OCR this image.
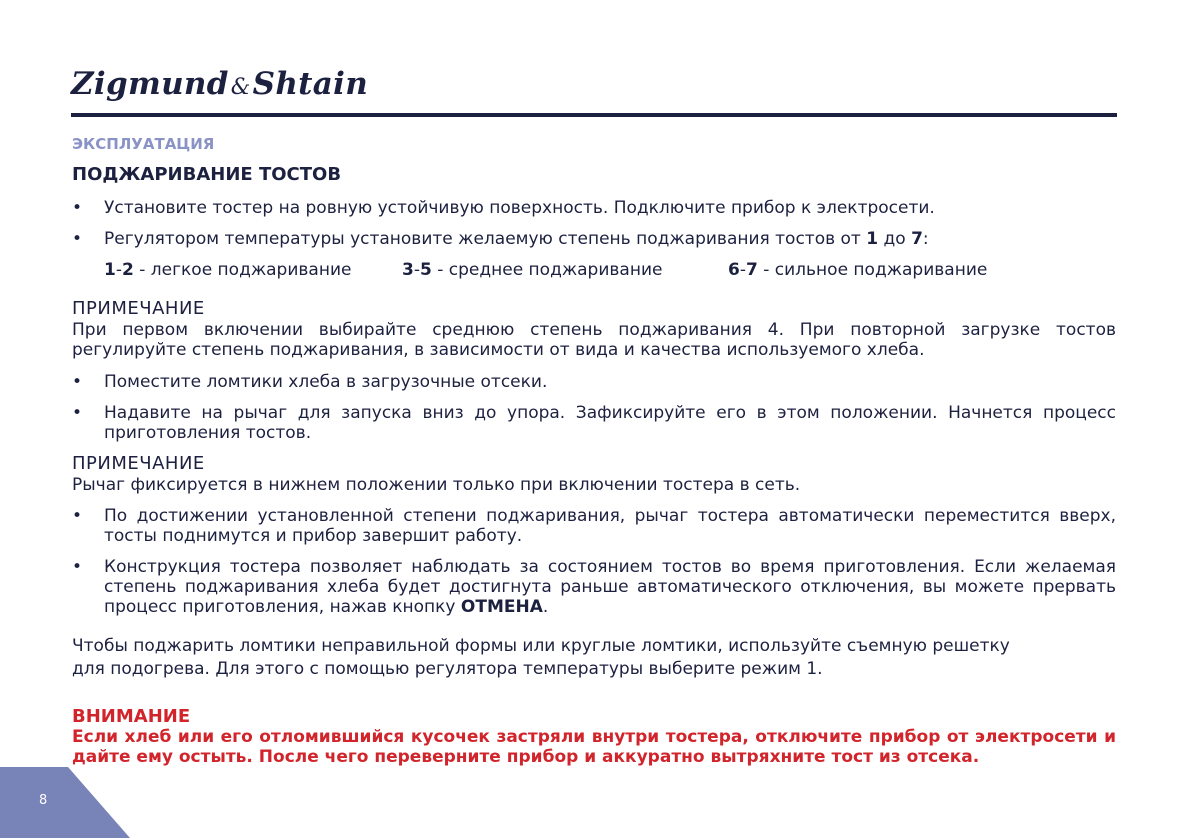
Zigmund&Shtain
ЭКСПЛУАТАЦИЯ
ПОДЖАРИВАНИЕ ТОСТОВ
• Установите тостер на ровную устойчивую поверхность. Подключите прибор к электросети.
• Регулятором температуры установите желаемую степень поджаривания тостов от 1 до 7:
1-2 - легкое поджаривание	3-5 - среднее поджаривание	6-7 - сильное поджаривание
ПРИМЕЧАНИЕ
При первом включении выбирайте среднюю степень поджаривания 4. При повторной загрузке тостов регулируйте степень поджаривания, в зависимости от вида и качества используемого хлеба.
• Поместите ломтики хлеба в загрузочные отсеки.
• Надавите на рычаг для запуска вниз до упора. Зафиксируйте его в этом положении. Начнется процесс приготовления тостов.
ПРИМЕЧАНИЕ
Рычаг фиксируется в нижнем положении только при включении тостера в сеть.
• По достижении установленной степени поджаривания, рычаг тостера автоматически переместится вверх, тосты поднимутся и прибор завершит работу.
• Конструкция тостера позволяет наблюдать за состоянием тостов во время приготовления. Если желаемая степень поджаривания хлеба будет достигнута раньше автоматического отключения, вы можете прервать процесс приготовления, нажав кнопку ОТМЕНА.
Чтобы поджарить ломтики неправильной формы или круглые ломтики, используйте съемную решетку
для подогрева. Для этого с помощью регулятора температуры выберите режим 1.
ВНИМАНИЕ
Если хлеб или его отломившийся кусочек застряли внутри тостера, отключите прибор от электросети и дайте ему остыть. После чего переверните прибор и аккуратно вытряхните тост из отсека.
8
